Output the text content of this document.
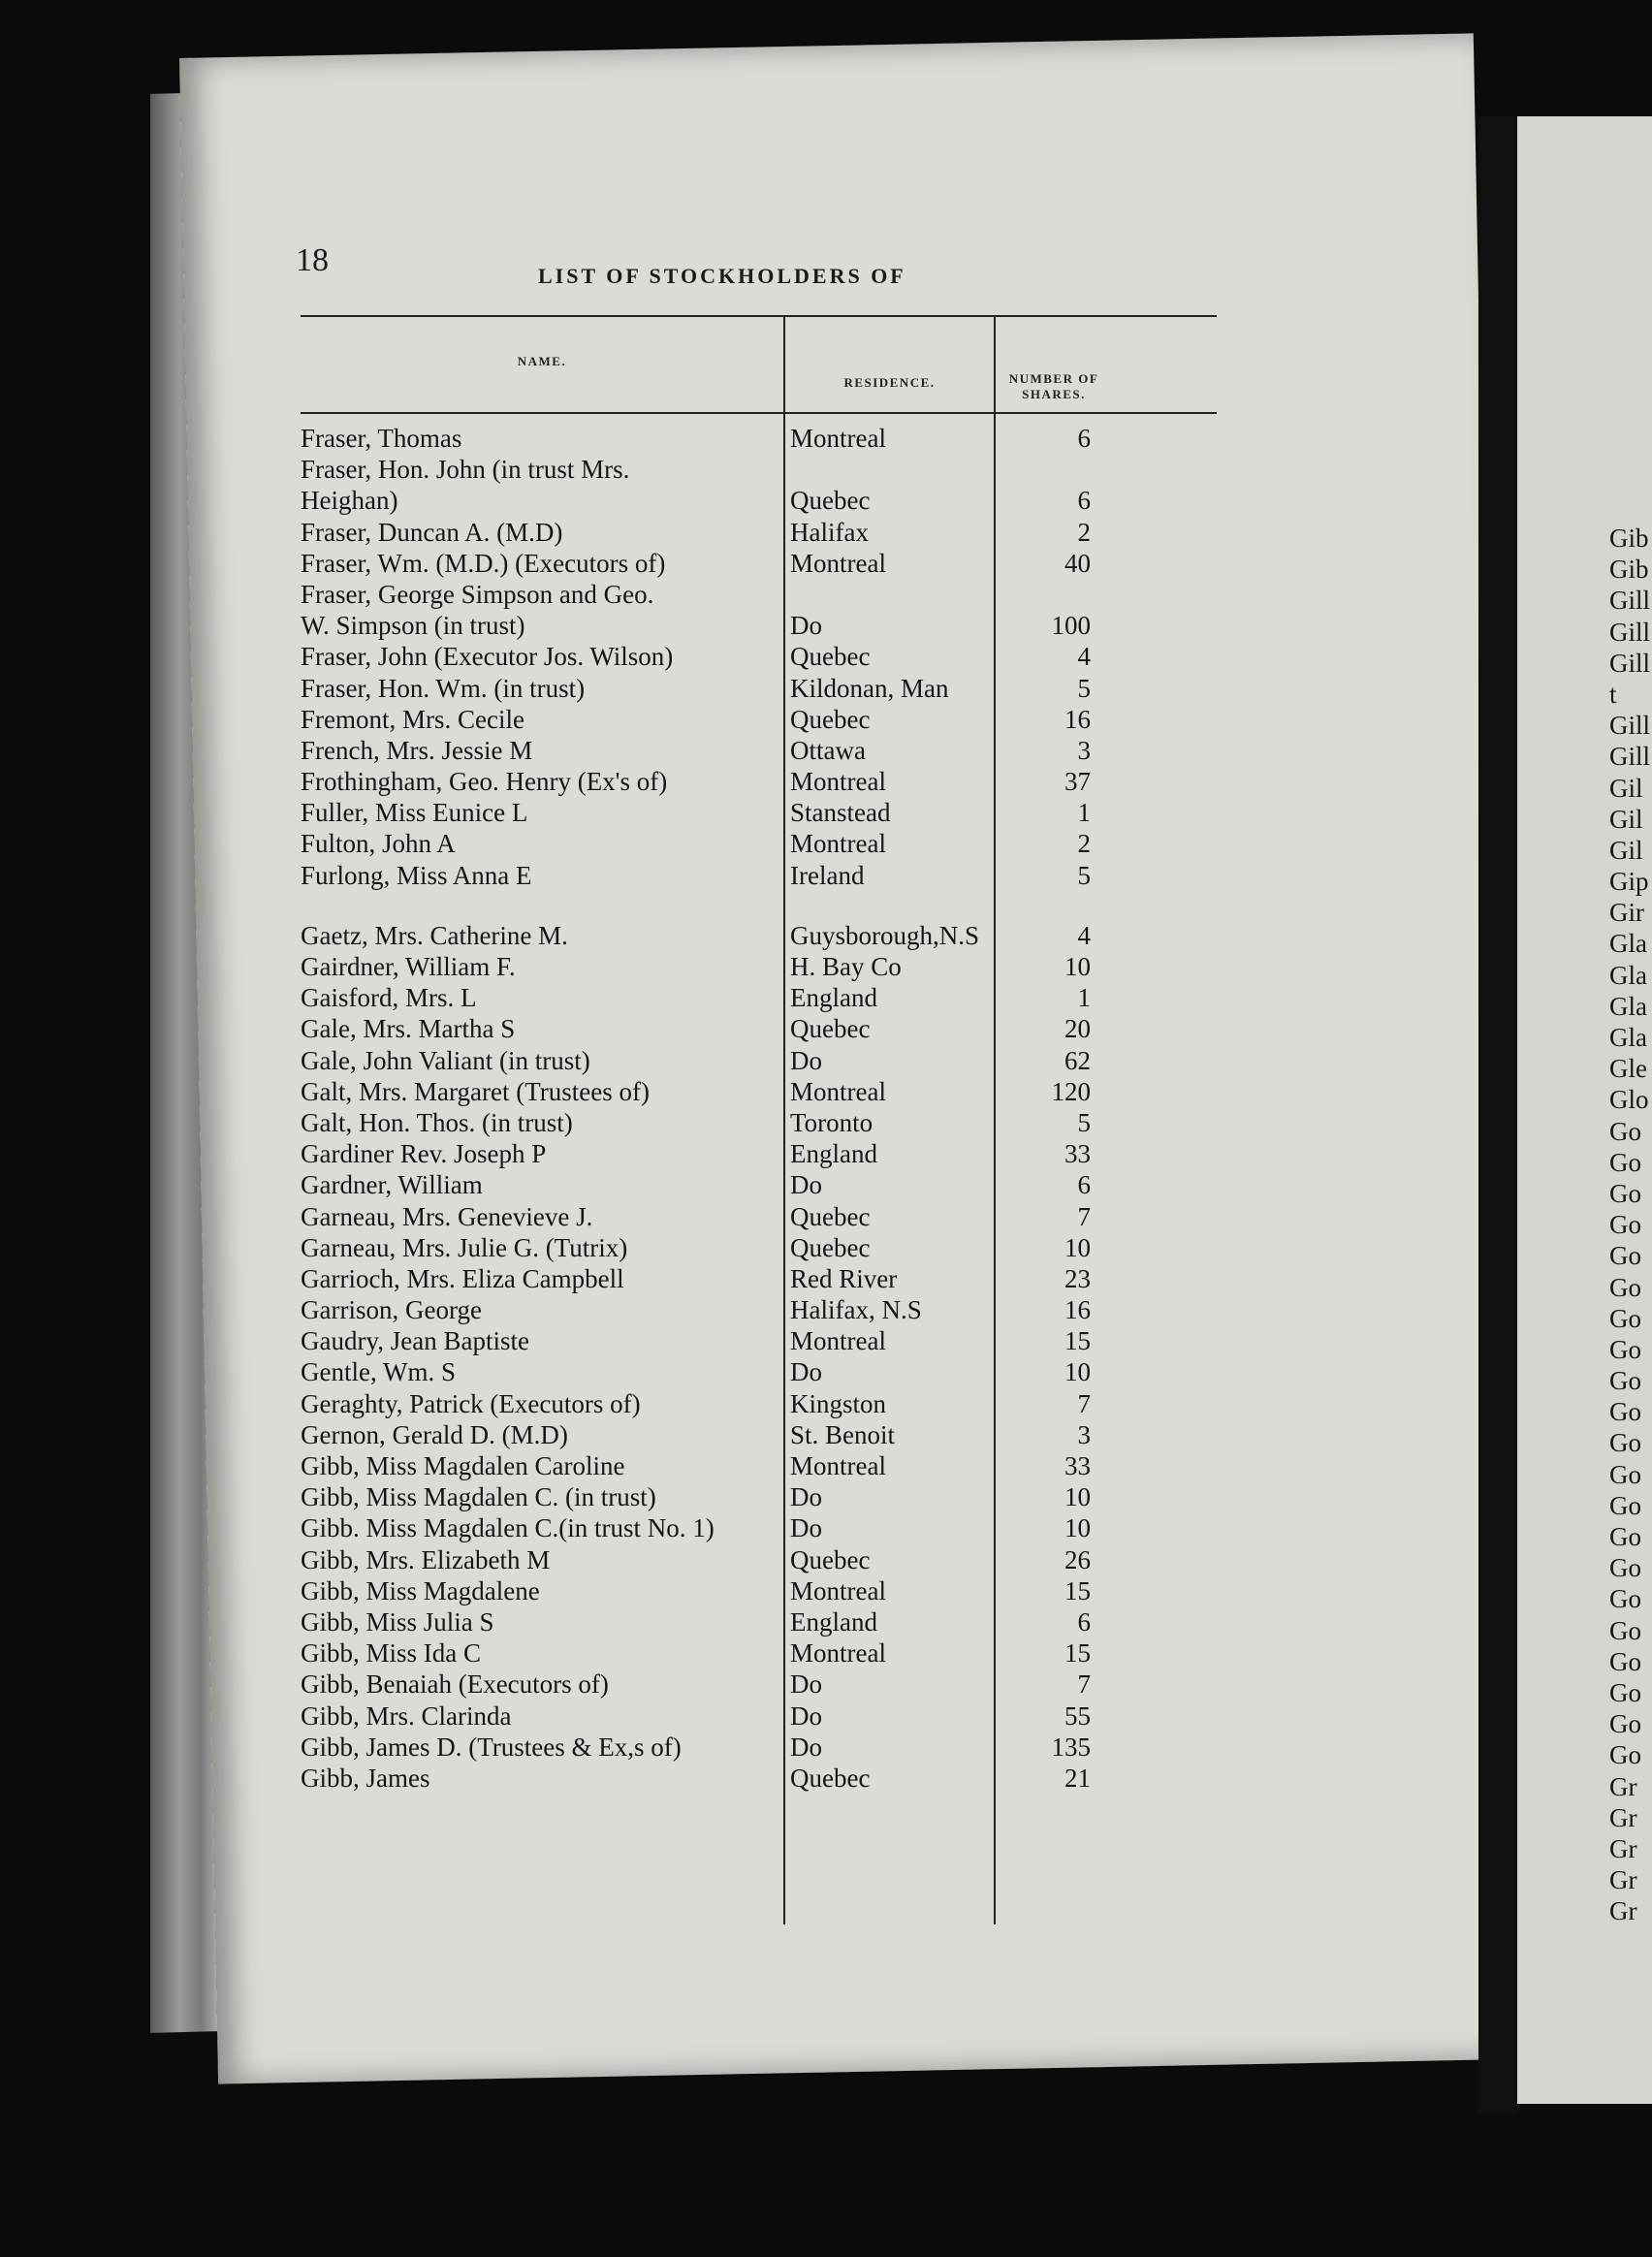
18	LIST OF STOCKHOLDERS OF
NAME.
RESIDENCE.	NUMBER OF SHARES.
Fraser, Thomas	Montreal	6
Fraser, Hon. John (in trust Mrs.
Heighan)	Quebec	6
Fraser, Duncan A. (M.D)	Halifax	2
Fraser, Wm. (M.D.) (Executors of)	Montreal	40
Fraser, George Simpson and Geo.
W. Simpson (in trust)	Do	100
Fraser, John (Executor Jos. Wilson)	Quebec	4
Fraser, Hon. Wm. (in trust)	Kildonan, Man	5
Fremont, Mrs. Cecile	Quebec	16
French, Mrs. Jessie M	Ottawa	3
Frothingham, Geo. Henry (Ex's of)	Montreal	37
Fuller, Miss Eunice L	Stanstead	1
Fulton, John A	Montreal	2
Furlong, Miss Anna E	Ireland	5
Gaetz, Mrs. Catherine M.	Guysborough,N.S	4
Gairdner, William F.	H. Bay Co	10
Gaisford, Mrs. L	England	1
Gale, Mrs. Martha S	Quebec	20
Gale, John Valiant (in trust)	Do	62
Galt, Mrs. Margaret (Trustees of)	Montreal	120
Galt, Hon. Thos. (in trust)	Toronto	5
Gardiner Rev. Joseph P	England	33
Gardner, William	Do	6
Garneau, Mrs. Genevieve J.	Quebec	7
Garneau, Mrs. Julie G. (Tutrix)	Quebec	10
Garrioch, Mrs. Eliza Campbell	Red River	23
Garrison, George	Halifax, N.S	16
Gaudry, Jean Baptiste	Montreal	15
Gentle, Wm. S	Do	10
Geraghty, Patrick (Executors of)	Kingston	7
Gernon, Gerald D. (M.D)	St. Benoit	3
Gibb, Miss Magdalen Caroline	Montreal	33
Gibb, Miss Magdalen C. (in trust)	Do	10
Gibb. Miss Magdalen C.(in trust No. 1)	Do	10
Gibb, Mrs. Elizabeth M	Quebec	26
Gibb, Miss Magdalene	Montreal	15
Gibb, Miss Julia S	England	6
Gibb, Miss Ida C	Montreal	15
Gibb, Benaiah (Executors of)	Do	7
Gibb, Mrs. Clarinda	Do	55
Gibb, James D. (Trustees & Ex,s of)	Do	135
Gibb, James	Quebec	21
Gib
Gib
Gill
Gill
Gill
t
Gill
Gill
Gil
Gil
Gil
Gip
Gir
Gla
Gla
Gla
Gla
Gle
Glo
Go
Go
Go
Go
Go
Go
Go
Go
Go
Go
Go
Go
Go
Go
Go
Go
Go
Go
Go
Go
Go
Gr
Gr
Gr
Gr
Gr
